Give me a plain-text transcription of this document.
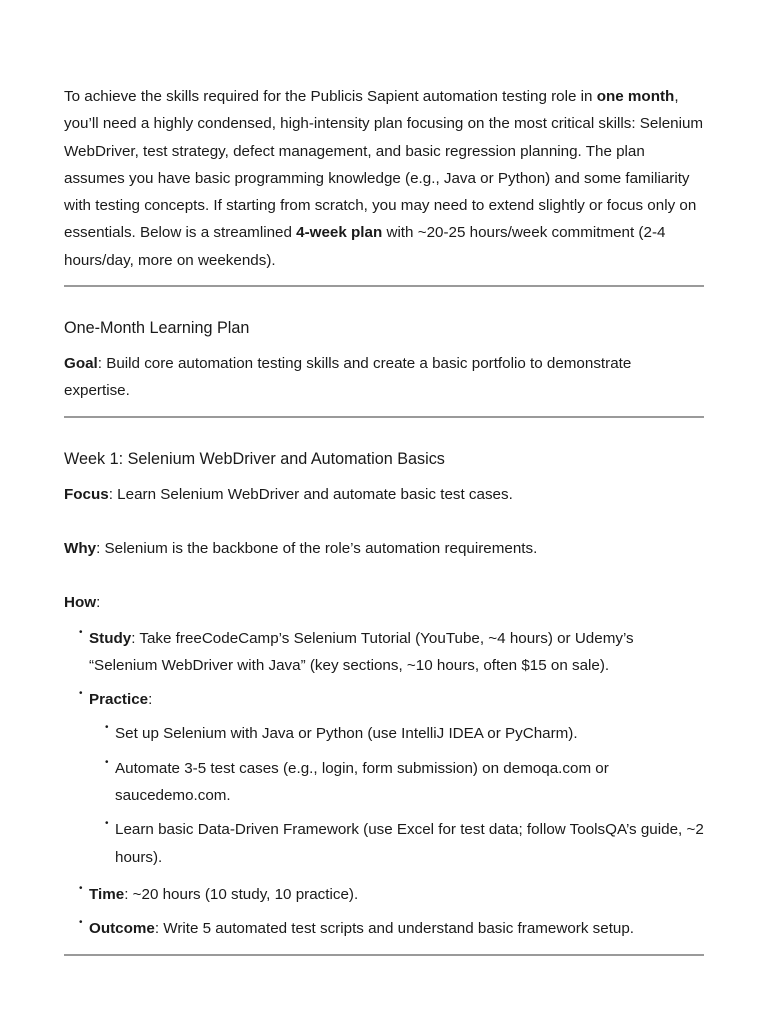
To achieve the skills required for the Publicis Sapient automation testing role in one month, you’ll need a highly condensed, high-intensity plan focusing on the most critical skills: Selenium WebDriver, test strategy, defect management, and basic regression planning. The plan assumes you have basic programming knowledge (e.g., Java or Python) and some familiarity with testing concepts. If starting from scratch, you may need to extend slightly or focus only on essentials. Below is a streamlined 4-week plan with ~20-25 hours/week commitment (2-4 hours/day, more on weekends).

One-Month Learning Plan

Goal: Build core automation testing skills and create a basic portfolio to demonstrate expertise.

Week 1: Selenium WebDriver and Automation Basics

Focus: Learn Selenium WebDriver and automate basic test cases.

Why: Selenium is the backbone of the role’s automation requirements.

How:

• Study: Take freeCodeCamp’s Selenium Tutorial (YouTube, ~4 hours) or Udemy’s “Selenium WebDriver with Java” (key sections, ~10 hours, often $15 on sale).

• Practice:

• Set up Selenium with Java or Python (use IntelliJ IDEA or PyCharm).

• Automate 3-5 test cases (e.g., login, form submission) on demoqa.com or saucedemo.com.

• Learn basic Data-Driven Framework (use Excel for test data; follow ToolsQA’s guide, ~2 hours).

• Time: ~20 hours (10 study, 10 practice).

• Outcome: Write 5 automated test scripts and understand basic framework setup.
